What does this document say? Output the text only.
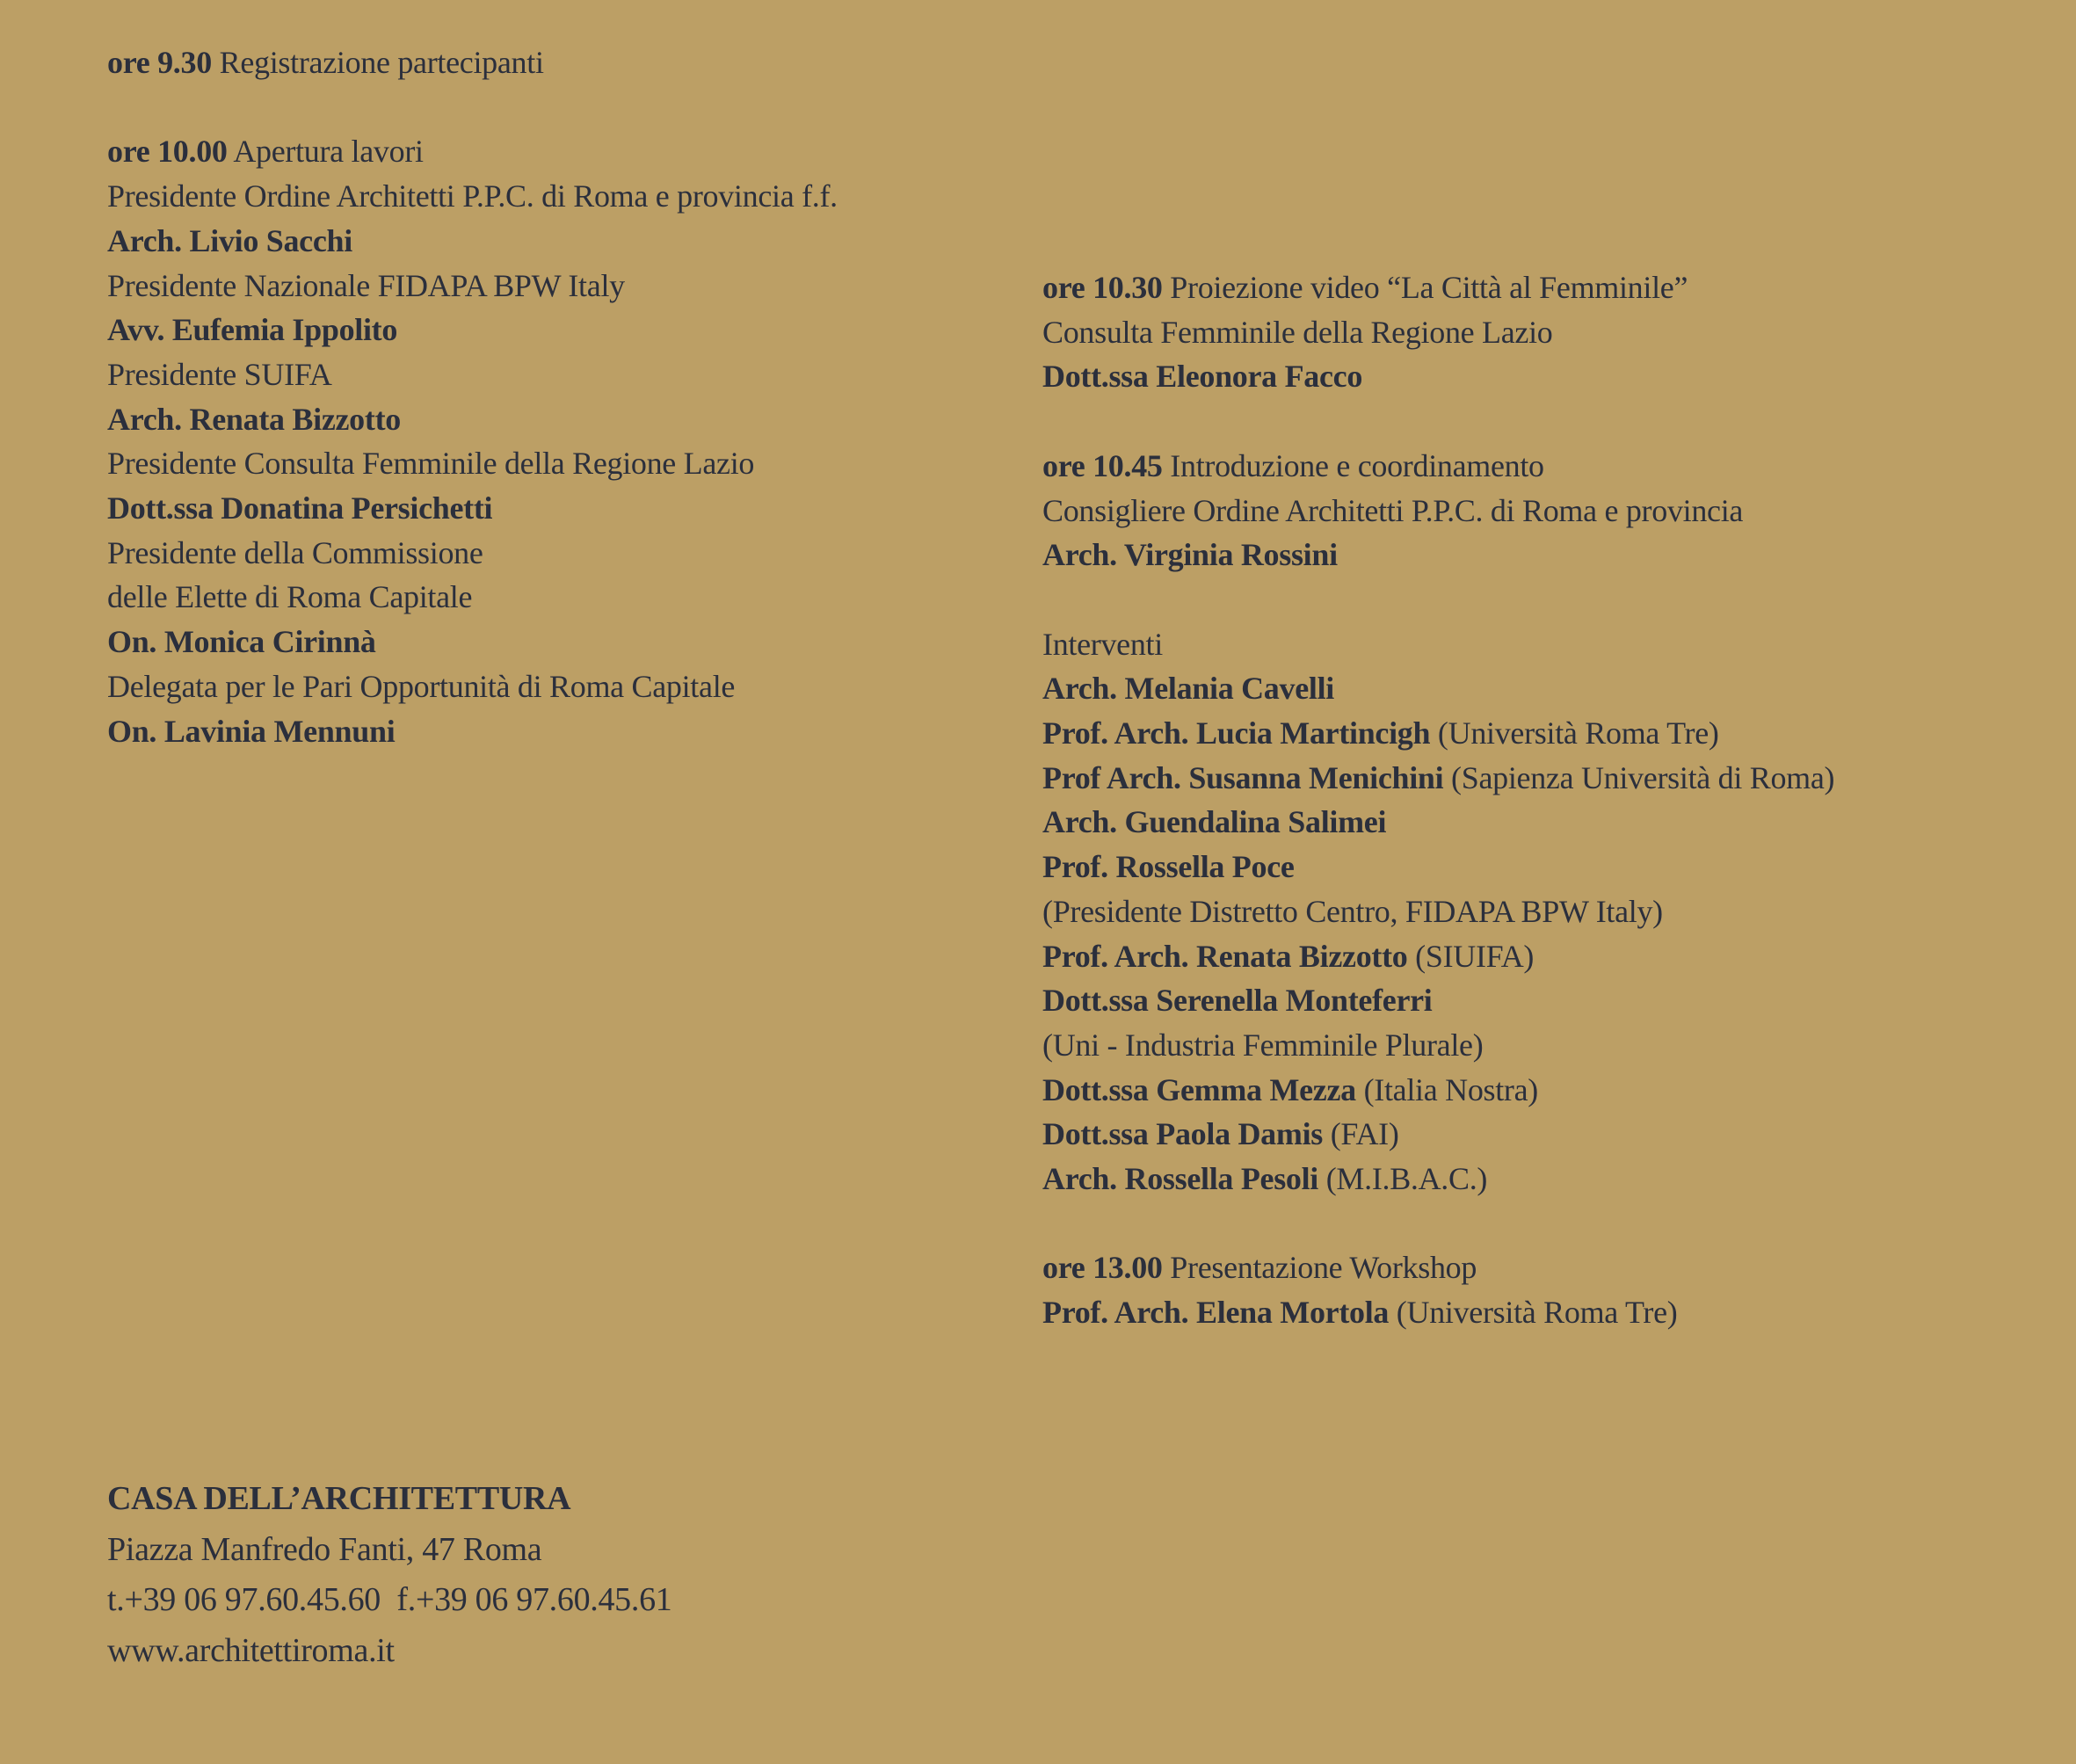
ore 9.30 Registrazione partecipanti

ore 10.00 Apertura lavori
Presidente Ordine Architetti P.P.C. di Roma e provincia f.f.
Arch. Livio Sacchi
Presidente Nazionale FIDAPA BPW Italy
Avv. Eufemia Ippolito
Presidente SUIFA
Arch. Renata Bizzotto
Presidente Consulta Femminile della Regione Lazio
Dott.ssa Donatina Persichetti
Presidente della Commissione
delle Elette di Roma Capitale
On. Monica Cirinnà
Delegata per le Pari Opportunità di Roma Capitale
On. Lavinia Mennuni
ore 10.30 Proiezione video “La Città al Femminile”
Consulta Femminile della Regione Lazio
Dott.ssa Eleonora Facco

ore 10.45 Introduzione e coordinamento
Consigliere Ordine Architetti P.P.C. di Roma e provincia
Arch. Virginia Rossini

Interventi
Arch. Melania Cavelli
Prof. Arch. Lucia Martincigh (Università Roma Tre)
Prof Arch. Susanna Menichini (Sapienza Università di Roma)
Arch. Guendalina Salimei
Prof. Rossella Poce
(Presidente Distretto Centro, FIDAPA BPW Italy)
Prof. Arch. Renata Bizzotto (SIUIFA)
Dott.ssa Serenella Monteferri
(Uni - Industria Femminile Plurale)
Dott.ssa Gemma Mezza (Italia Nostra)
Dott.ssa Paola Damis (FAI)
Arch. Rossella Pesoli (M.I.B.A.C.)

ore 13.00 Presentazione Workshop
Prof. Arch. Elena Mortola (Università Roma Tre)
CASA DELL’ARCHITETTURA
Piazza Manfredo Fanti, 47 Roma
t.+39 06 97.60.45.60  f.+39 06 97.60.45.61
www.architettiroma.it
